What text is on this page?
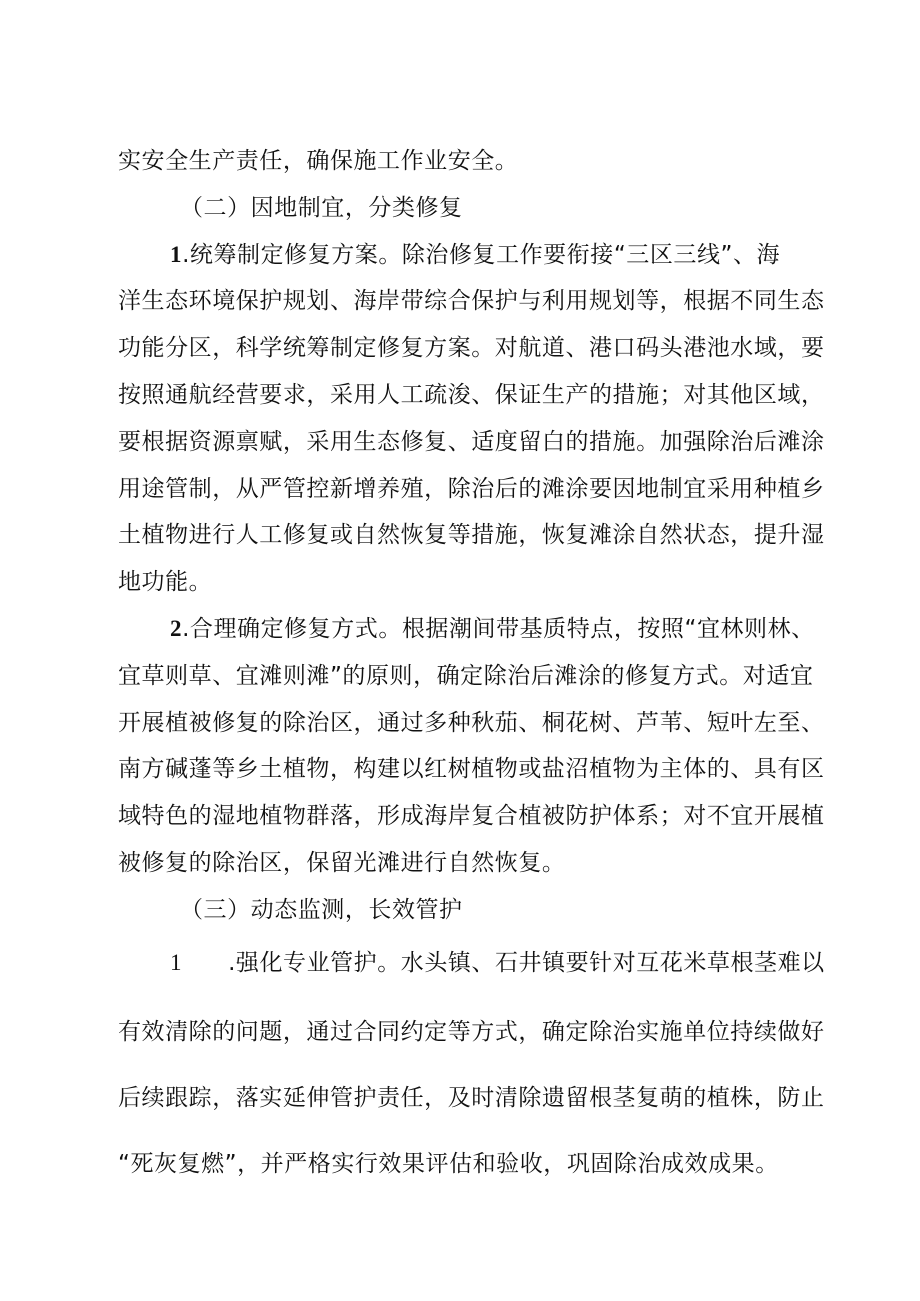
实安全生产责任，确保施工作业安全。
（二）因地制宜，分类修复
1.统筹制定修复方案。除治修复工作要衔接“三区三线”、海
洋生态环境保护规划、海岸带综合保护与利用规划等，根据不同生态
功能分区，科学统筹制定修复方案。对航道、港口码头港池水域，要
按照通航经营要求，采用人工疏浚、保证生产的措施；对其他区域，
要根据资源禀赋，采用生态修复、适度留白的措施。加强除治后滩涂
用途管制，从严管控新增养殖，除治后的滩涂要因地制宜采用种植乡
土植物进行人工修复或自然恢复等措施，恢复滩涂自然状态，提升湿
地功能。
2.合理确定修复方式。根据潮间带基质特点，按照“宜林则林、
宜草则草、宜滩则滩”的原则，确定除治后滩涂的修复方式。对适宜
开展植被修复的除治区，通过多种秋茄、桐花树、芦苇、短叶左至、
南方碱蓬等乡土植物，构建以红树植物或盐沼植物为主体的、具有区
域特色的湿地植物群落，形成海岸复合植被防护体系；对不宜开展植
被修复的除治区，保留光滩进行自然恢复。
（三）动态监测，长效管护
1 .强化专业管护。水头镇、石井镇要针对互花米草根茎难以
有效清除的问题，通过合同约定等方式，确定除治实施单位持续做好
后续跟踪，落实延伸管护责任，及时清除遗留根茎复萌的植株，防止
“死灰复燃”，并严格实行效果评估和验收，巩固除治成效成果。
